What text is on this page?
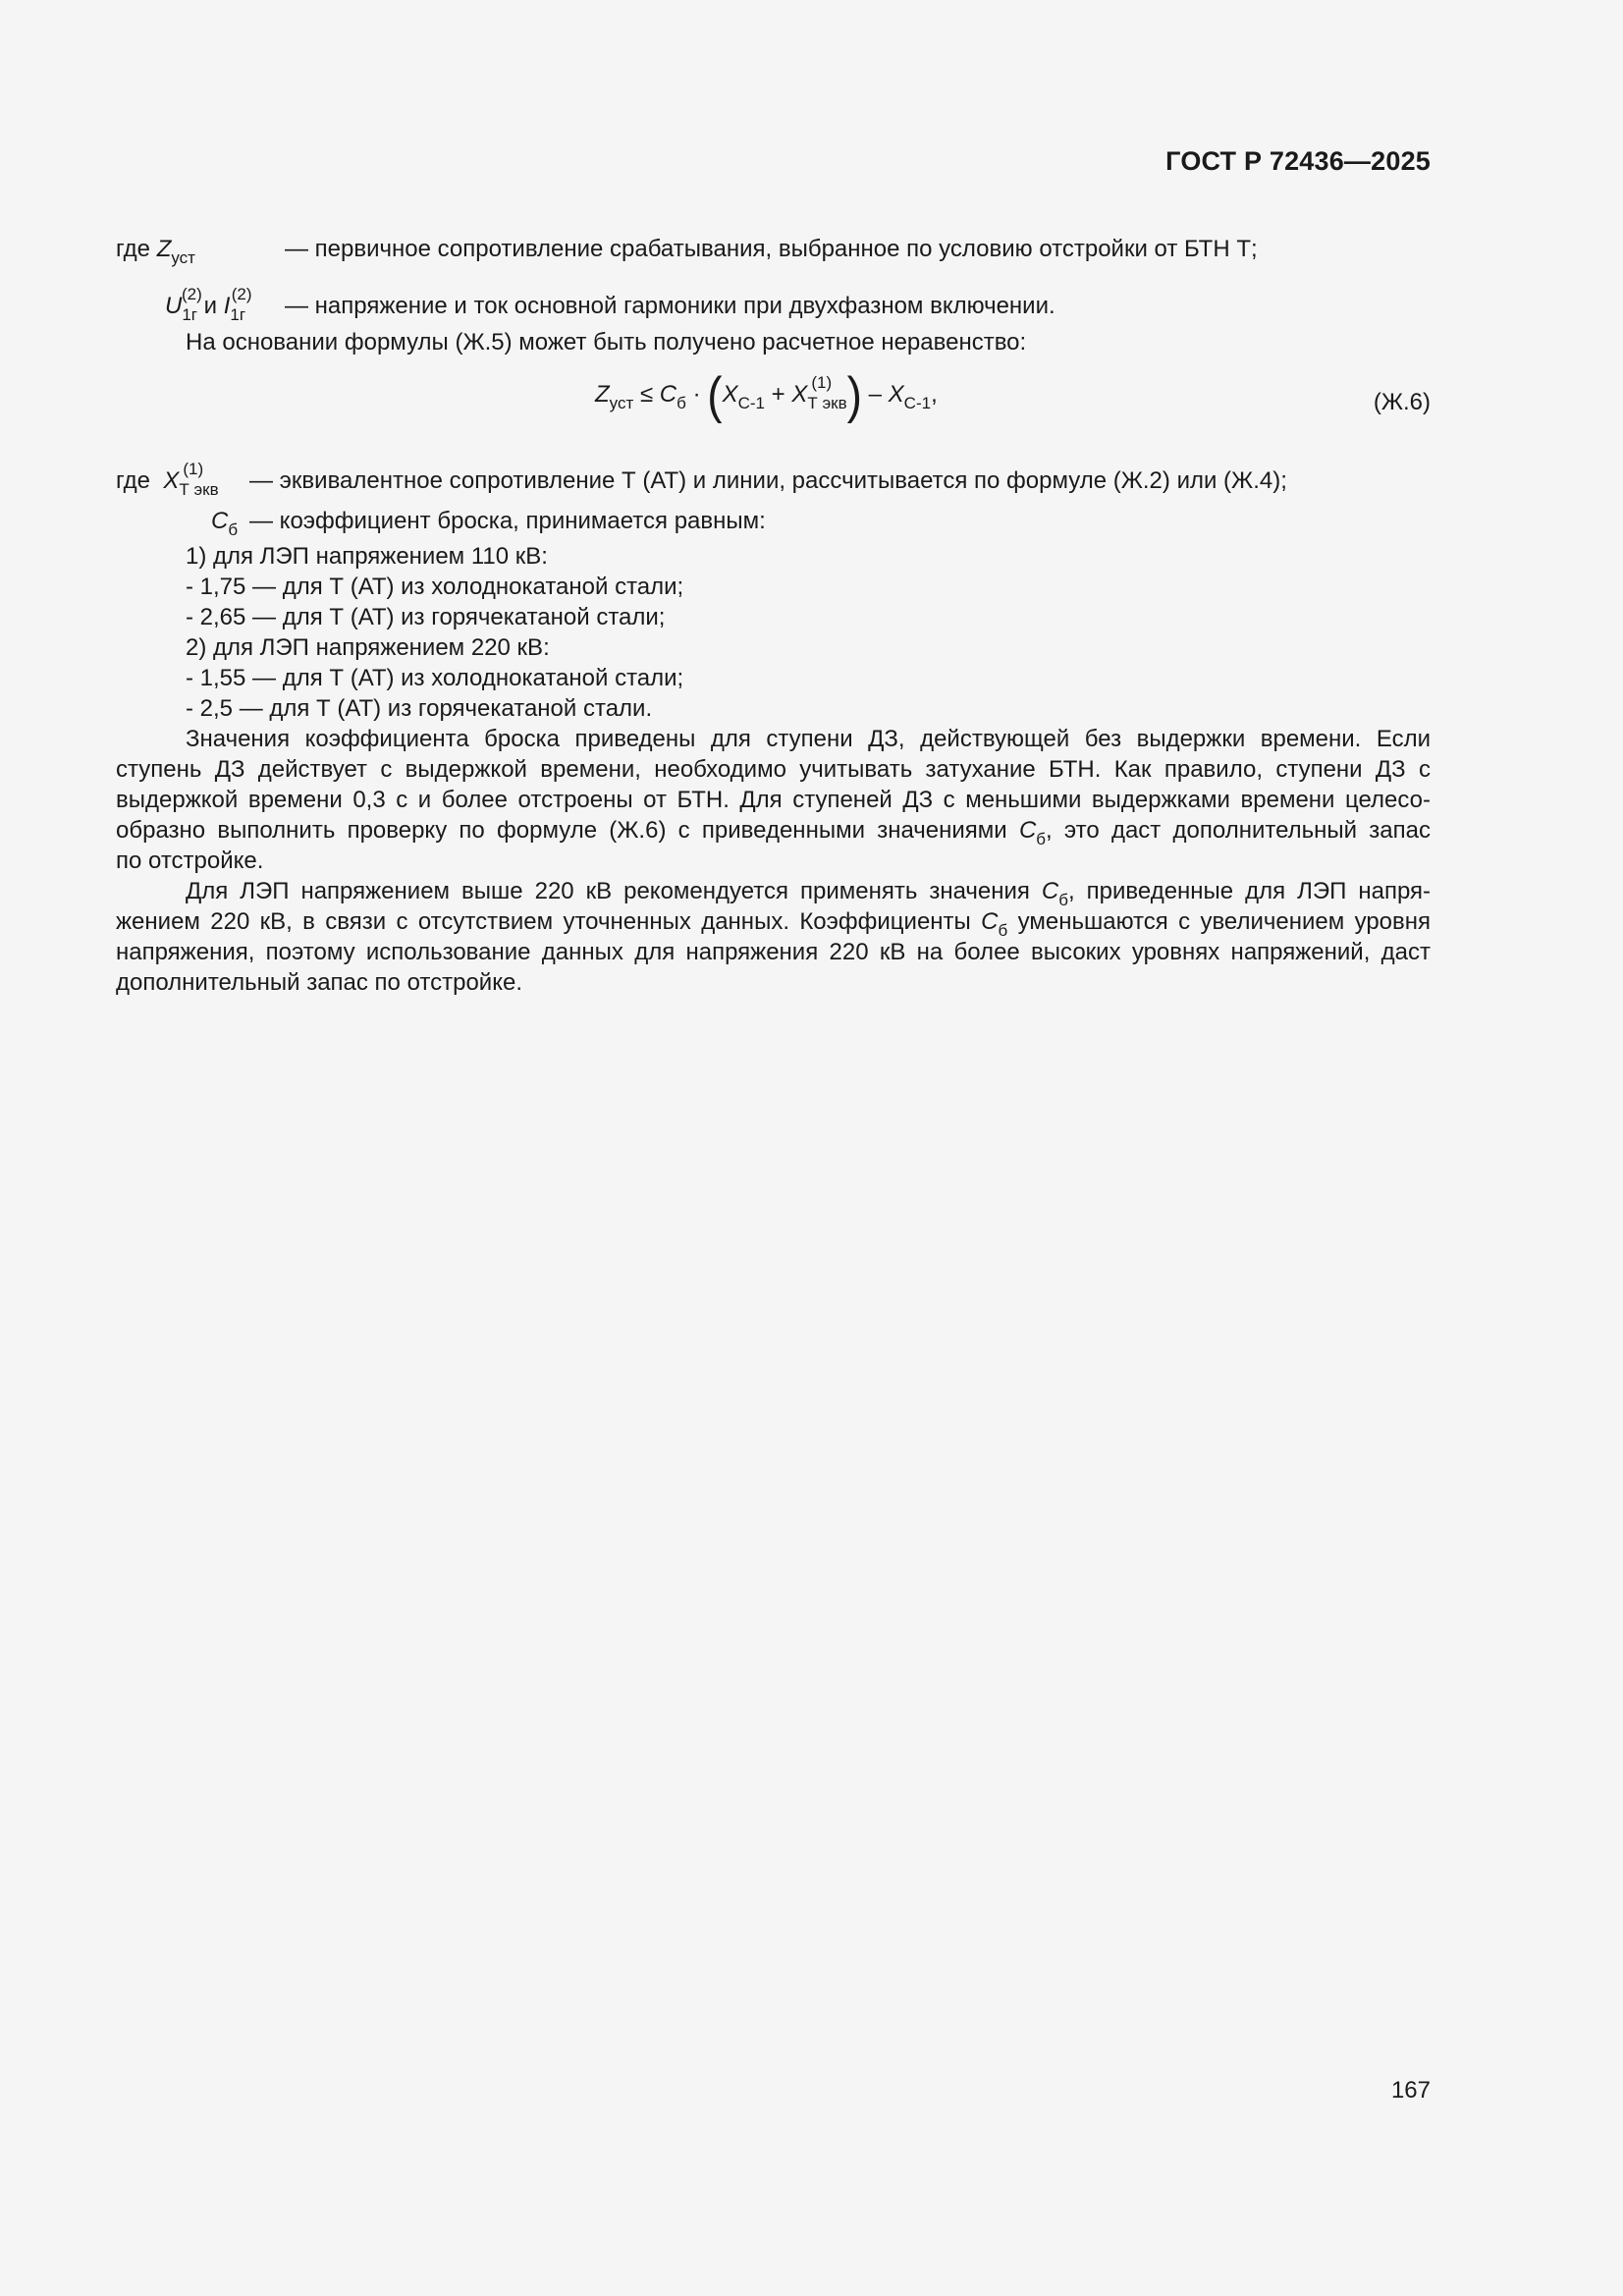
ГОСТ Р 72436—2025
где $Z_{уст}$	— первичное сопротивление срабатывания, выбранное по условию отстройки от БТН Т;
U1г
(2) и I1г
(2) — напряжение и ток основной гармоники при двухфазном включении.
На основании формулы (Ж.5) может быть получено расчетное неравенство:
$Z_{уст} \le C_б \cdot (X_{С-1}$ + XТ экв
(1) ) – $X_{С-1}$,	(Ж.6)
где XТ экв
(1) — эквивалентное сопротивление Т (АТ) и линии, рассчитывается по формуле (Ж.2) или (Ж.4);
$C_б$ — коэффициент броска, принимается равным:
1) для ЛЭП напряжением 110 кВ:
- 1,75 — для Т (АТ) из холоднокатаной стали;
- 2,65 — для Т (АТ) из горячекатаной стали;
2) для ЛЭП напряжением 220 кВ:
- 1,55 — для Т (АТ) из холоднокатаной стали;
- 2,5 — для Т (АТ) из горячекатаной стали.
Значения коэффициента броска приведены для ступени ДЗ, действующей без выдержки времени. Если
ступень ДЗ действует с выдержкой времени, необходимо учитывать затухание БТН. Как правило, ступени ДЗ с
выдержкой времени 0,3 с и более отстроены от БТН. Для ступеней ДЗ с меньшими выдержками времени целесо-
образно выполнить проверку по формуле (Ж.6) с приведенными значениями $C_б$, это даст дополнительный запас
по отстройке.
Для ЛЭП напряжением выше 220 кВ рекомендуется применять значения $C_б$, приведенные для ЛЭП напря-
жением 220 кВ, в связи с отсутствием уточненных данных. Коэффициенты $C_б$ уменьшаются с увеличением уровня
напряжения, поэтому использование данных для напряжения 220 кВ на более высоких уровнях напряжений, даст
дополнительный запас по отстройке.
167
